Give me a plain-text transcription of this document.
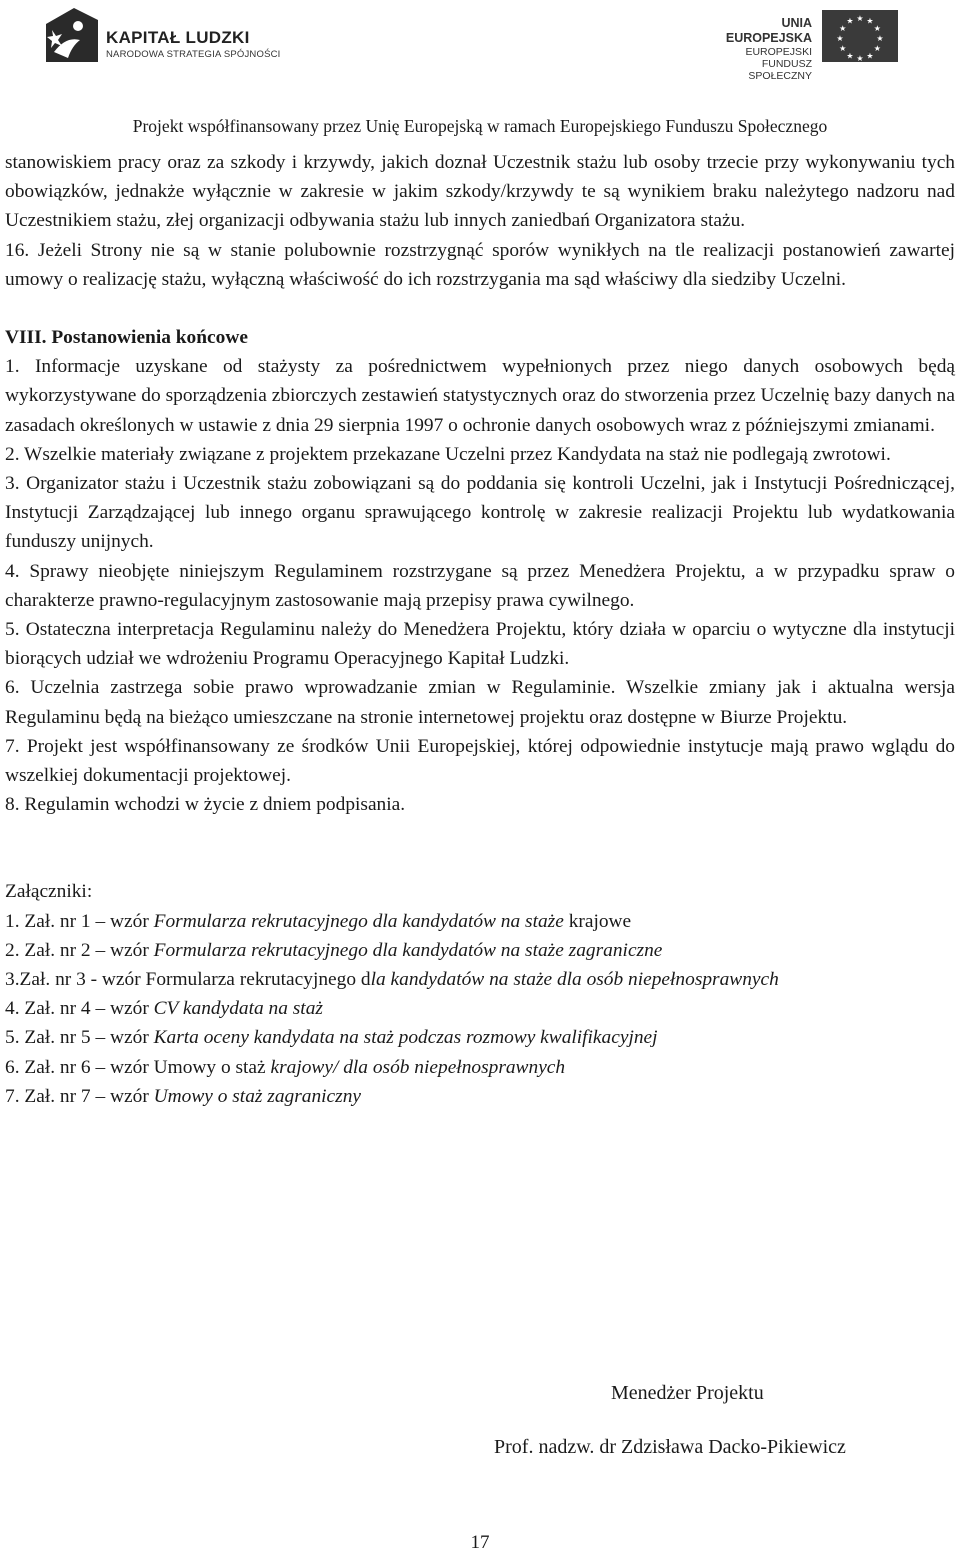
KAPITAŁ LUDZKI
NARODOWA STRATEGIA SPÓJNOŚCI
UNIA EUROPEJSKA
EUROPEJSKI
FUNDUSZ SPOŁECZNY
★ ★
★
★
★
★
★
★
★
★
★
★
Projekt współfinansowany przez Unię Europejską w ramach Europejskiego Funduszu Społecznego

stanowiskiem pracy oraz za szkody i krzywdy, jakich doznał Uczestnik stażu lub osoby trzecie przy wykonywaniu tych obowiązków, jednakże wyłącznie w zakresie w jakim szkody/krzywdy te są wynikiem braku należytego nadzoru nad Uczestnikiem stażu, złej organizacji odbywania stażu lub innych zaniedbań Organizatora stażu.

16. Jeżeli Strony nie są w stanie polubownie rozstrzygnąć sporów wynikłych na tle realizacji postanowień zawartej umowy o realizację stażu, wyłączną właściwość do ich rozstrzygania ma sąd właściwy dla siedziby Uczelni.

VIII. Postanowienia końcowe

1. Informacje uzyskane od stażysty za pośrednictwem wypełnionych przez niego danych osobowych będą wykorzystywane do sporządzenia zbiorczych zestawień statystycznych oraz do stworzenia przez Uczelnię bazy danych na zasadach określonych w ustawie z dnia 29 sierpnia 1997 o ochronie danych osobowych wraz z późniejszymi zmianami.

2. Wszelkie materiały związane z projektem przekazane Uczelni przez Kandydata na staż nie podlegają zwrotowi.

3. Organizator stażu i Uczestnik stażu zobowiązani są do poddania się kontroli Uczelni, jak i Instytucji Pośredniczącej, Instytucji Zarządzającej lub innego organu sprawującego kontrolę w zakresie realizacji Projektu lub wydatkowania funduszy unijnych.

4. Sprawy nieobjęte niniejszym Regulaminem rozstrzygane są przez Menedżera Projektu, a w przypadku spraw o charakterze prawno-regulacyjnym zastosowanie mają przepisy prawa cywilnego.

5. Ostateczna interpretacja Regulaminu należy do Menedżera Projektu, który działa w oparciu o wytyczne dla instytucji biorących udział we wdrożeniu Programu Operacyjnego Kapitał Ludzki.

6. Uczelnia zastrzega sobie prawo wprowadzanie zmian w Regulaminie. Wszelkie zmiany jak i aktualna wersja Regulaminu będą na bieżąco umieszczane na stronie internetowej projektu oraz dostępne w Biurze Projektu.

7. Projekt jest współfinansowany ze środków Unii Europejskiej, której odpowiednie instytucje mają prawo wglądu do wszelkiej dokumentacji projektowej.

8. Regulamin wchodzi w życie z dniem podpisania.

Załączniki:

1. Zał. nr 1 – wzór Formularza rekrutacyjnego dla kandydatów na staże krajowe

2. Zał. nr 2 – wzór Formularza rekrutacyjnego dla kandydatów na staże zagraniczne

3.Zał. nr 3 - wzór Formularza rekrutacyjnego dla kandydatów na staże dla osób niepełnosprawnych

4. Zał. nr 4 – wzór CV kandydata na staż

5. Zał. nr 5 – wzór Karta oceny kandydata na staż podczas rozmowy kwalifikacyjnej

6. Zał. nr 6 – wzór Umowy o staż krajowy/ dla osób niepełnosprawnych

7. Zał. nr 7 – wzór Umowy o staż zagraniczny

Menedżer Projektu
Prof. nadzw. dr Zdzisława Dacko-Pikiewicz
17
